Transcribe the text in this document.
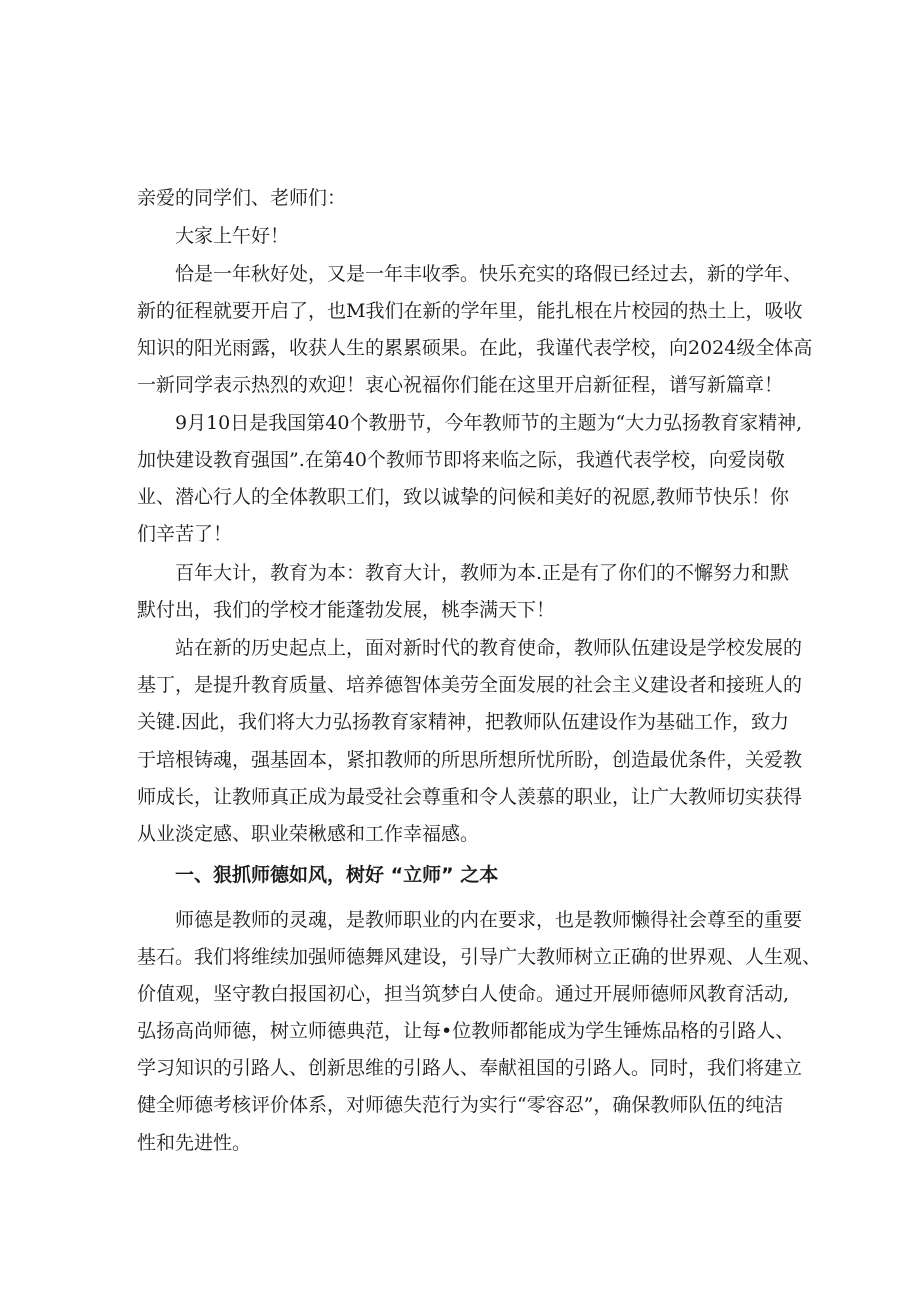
亲爱的同学们、老师们：
大家上午好！
恰是一年秋好处，又是一年丰收季。快乐充实的珞假已经过去，新的学年、
新的征程就要开启了，也M我们在新的学年里，能扎根在片校园的热土上，吸收
知识的阳光雨露，收获人生的累累硕果。在此，我谨代表学校，向2024级全体高
一新同学表示热烈的欢迎！衷心祝福你们能在这里开启新征程，谱写新篇章！
9月10日是我国第40个教册节，今年教师节的主题为“大力弘扬教育家精神,
加快建设教育强国”.在第40个教师节即将来临之际，我遒代表学校，向爱岗敬
业、潜心行人的全体教职工们，致以诚挚的问候和美好的祝愿,教师节快乐！你
们辛苦了！
百年大计，教育为本：教育大计，教师为本.正是有了你们的不懈努力和默
默付出，我们的学校才能蓬勃发展，桃李满天下！
站在新的历史起点上，面对新时代的教育使命，教师队伍建设是学校发展的
基丁，是提升教育质量、培养德智体美劳全面发展的社会主义建设者和接班人的
关键.因此，我们将大力弘扬教育家精神，把教师队伍建设作为基础工作，致力
于培根铸魂，强基固本，紧扣教师的所思所想所忧所盼，创造最优条件，关爱教
师成长，让教师真正成为最受社会尊重和令人羡慕的职业，让广大教师切实获得
从业淡定感、职业荣楸感和工作幸福感。
一、狠抓师德如风，树好 “立师” 之本
师德是教师的灵魂，是教师职业的内在要求，也是教师懒得社会尊至的重要
基石。我们将维续加强师德舞风建设，引导广大教师树立正确的世界观、人生观、
价值观，坚守教白报国初心，担当筑梦白人使命。通过开展师德师风教育活动,
弘扬高尚师德，树立师德典范，让每•位教师都能成为学生锤炼品格的引路人、
学习知识的引路人、创新思维的引路人、奉献祖国的引路人。同时，我们将建立
健全师德考核评价体系，对师德失范行为实行“零容忍”，确保教师队伍的纯洁
性和先进性。
